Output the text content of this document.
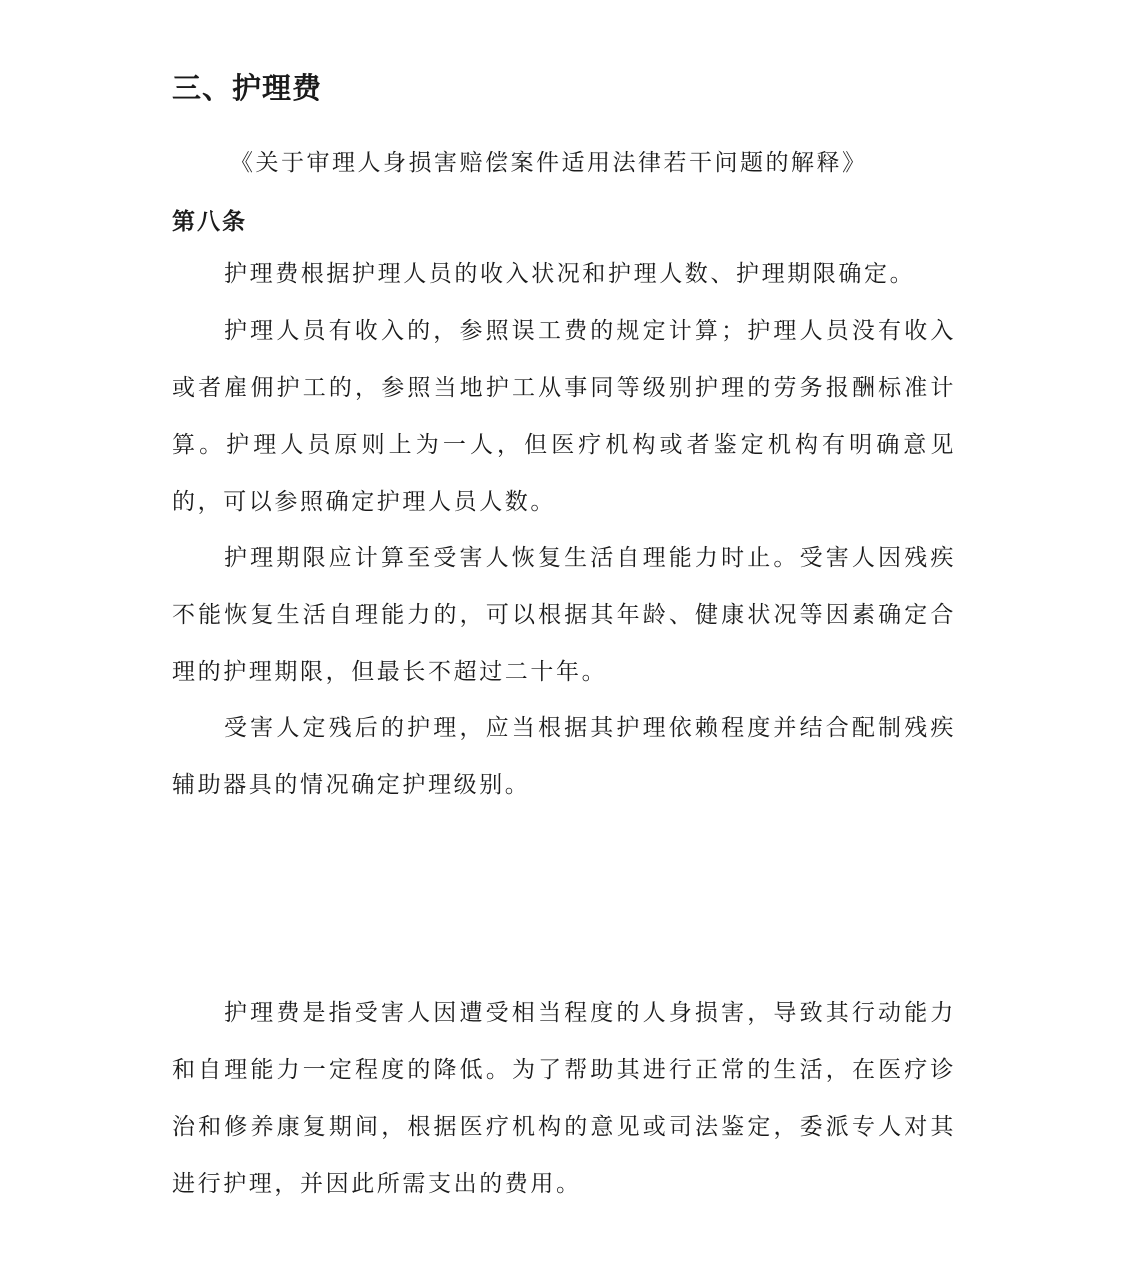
三、护理费

《关于审理人身损害赔偿案件适用法律若干问题的解释》

第八条

护理费根据护理人员的收入状况和护理人数、护理期限确定。

护理人员有收入的，参照误工费的规定计算；护理人员没有收入或者雇佣护工的，参照当地护工从事同等级别护理的劳务报酬标准计算。护理人员原则上为一人，但医疗机构或者鉴定机构有明确意见的，可以参照确定护理人员人数。

护理期限应计算至受害人恢复生活自理能力时止。受害人因残疾不能恢复生活自理能力的，可以根据其年龄、健康状况等因素确定合理的护理期限，但最长不超过二十年。

受害人定残后的护理，应当根据其护理依赖程度并结合配制残疾辅助器具的情况确定护理级别。

护理费是指受害人因遭受相当程度的人身损害，导致其行动能力和自理能力一定程度的降低。为了帮助其进行正常的生活，在医疗诊治和修养康复期间，根据医疗机构的意见或司法鉴定，委派专人对其进行护理，并因此所需支出的费用。
